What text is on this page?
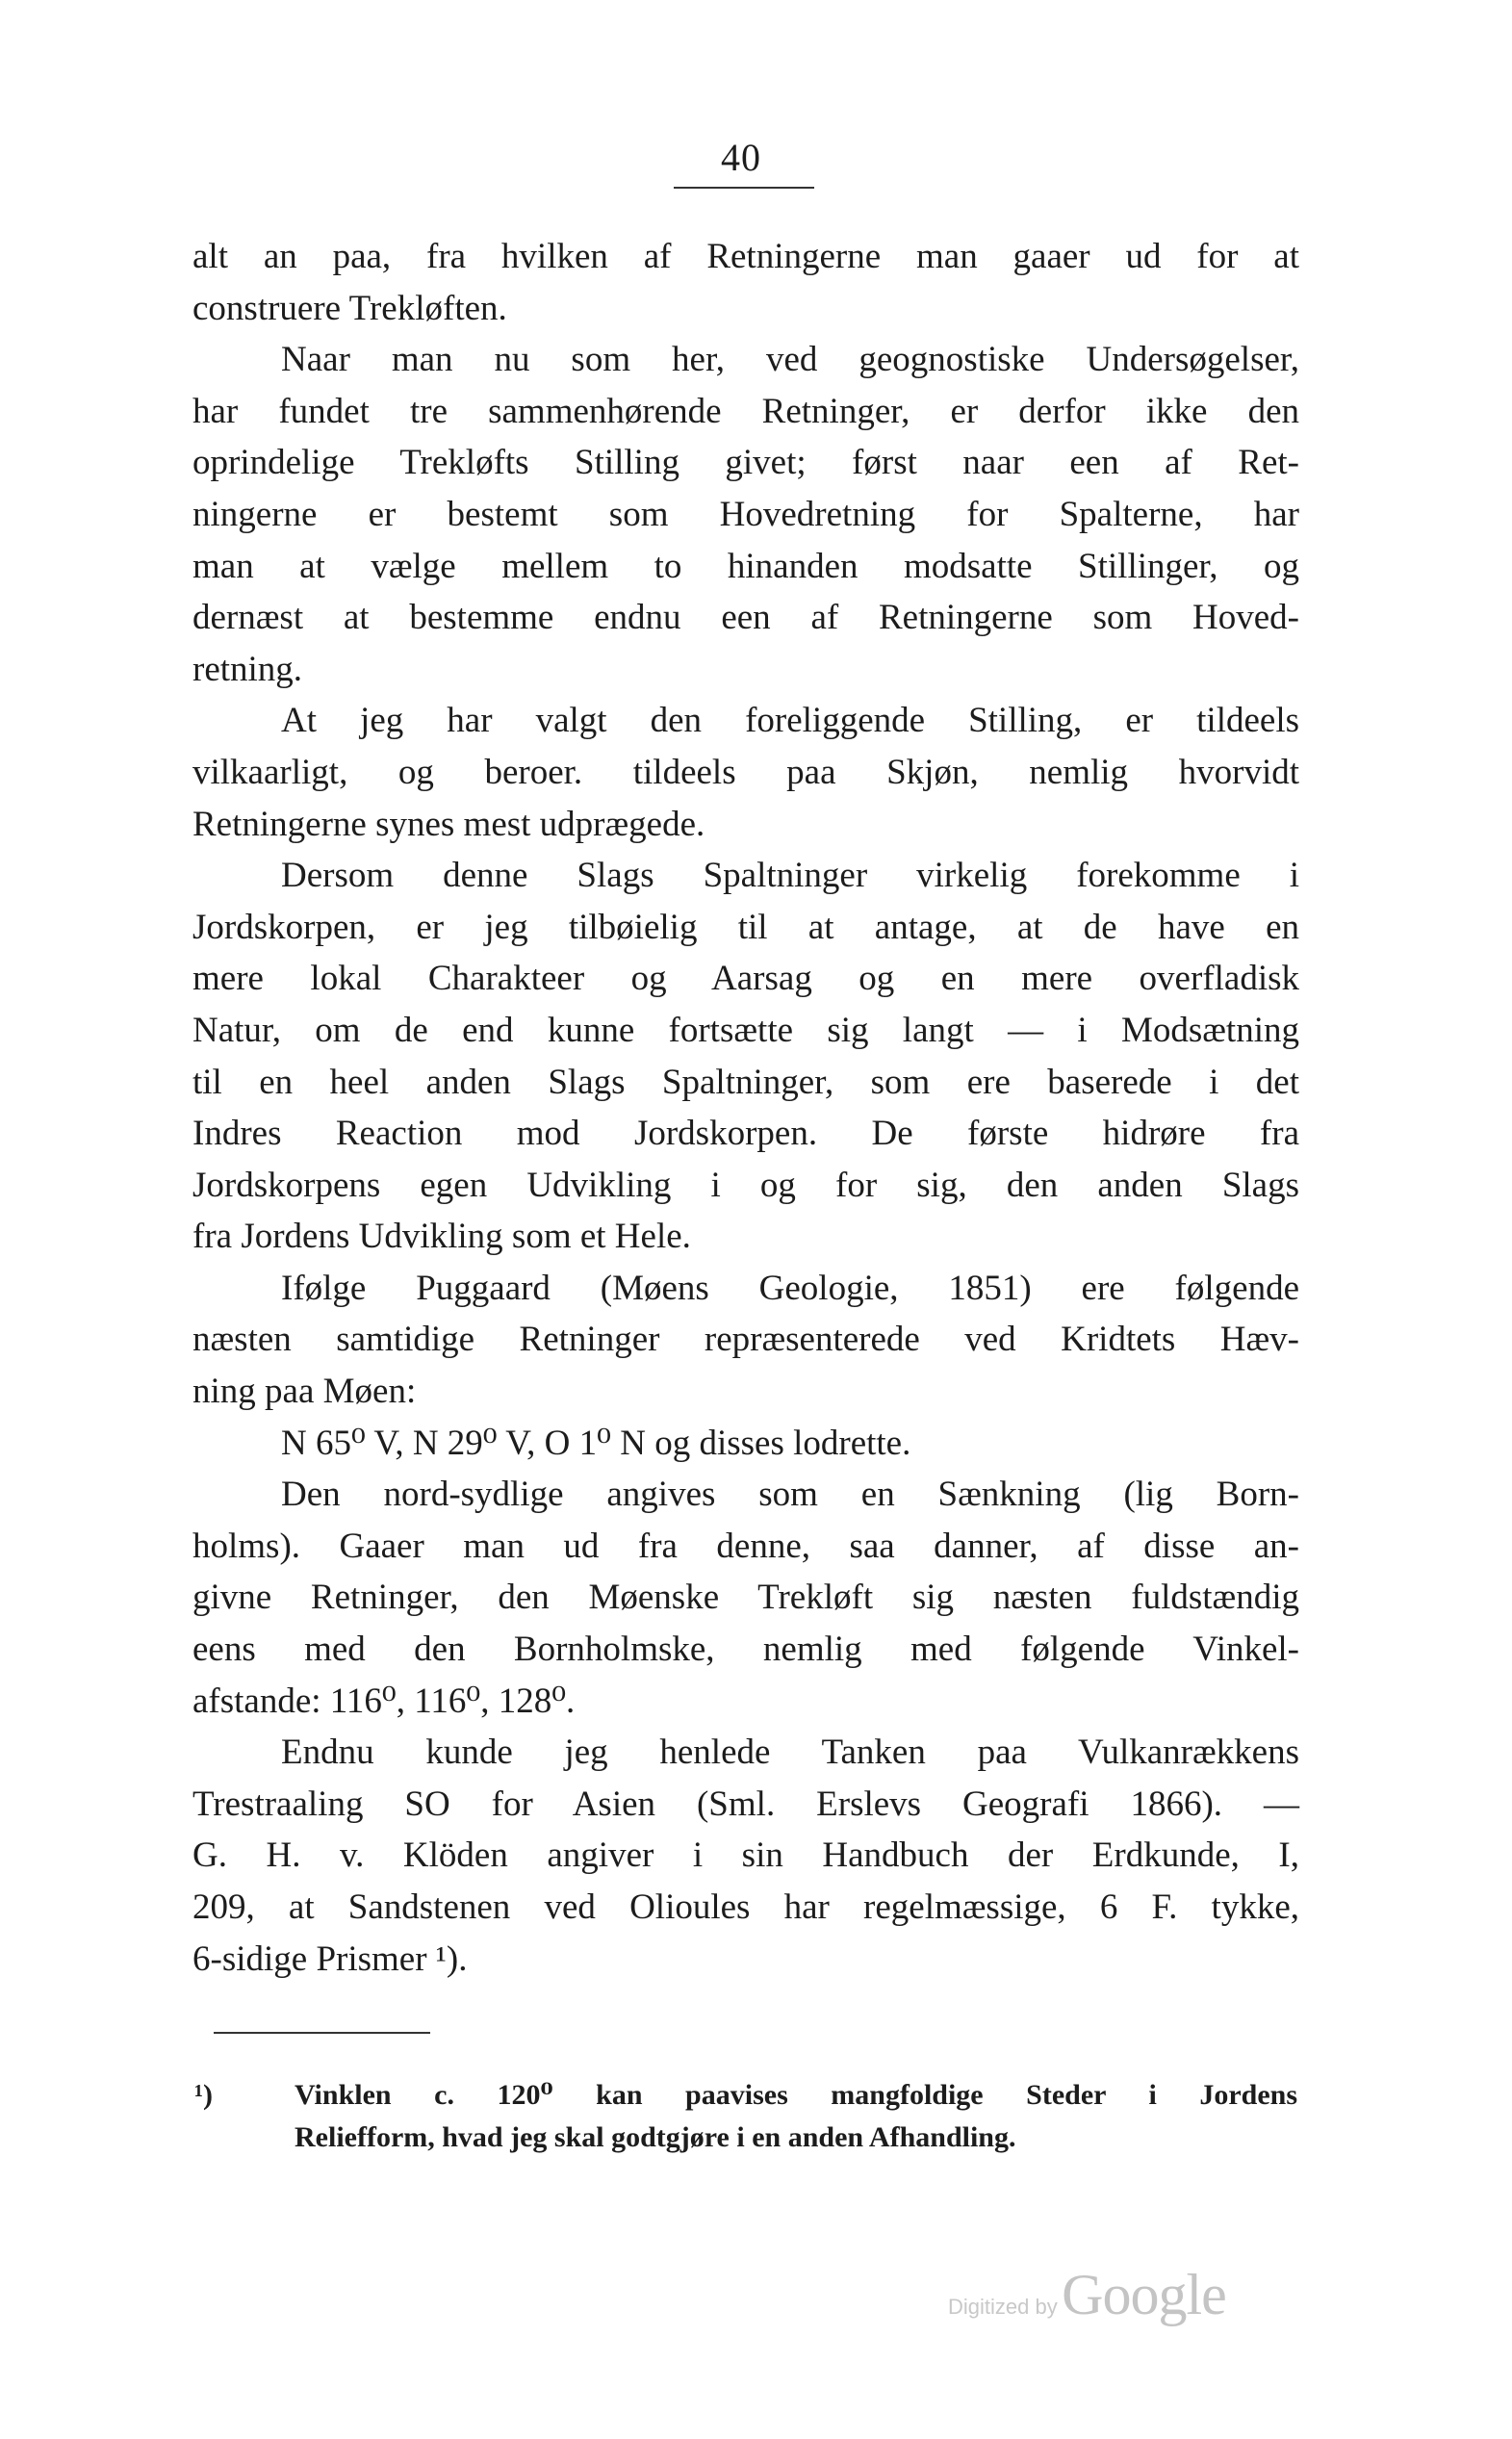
40
alt an paa, fra hvilken af Retningerne man gaaer ud for at
construere Trekløften.
Naar man nu som her, ved geognostiske Undersøgelser,
har fundet tre sammenhørende Retninger, er derfor ikke den
oprindelige Trekløfts Stilling givet; først naar een af Ret-
ningerne er bestemt som Hovedretning for Spalterne, har
man at vælge mellem to hinanden modsatte Stillinger, og
dernæst at bestemme endnu een af Retningerne som Hoved-
retning.
At jeg har valgt den foreliggende Stilling, er tildeels
vilkaarligt, og beroer. tildeels paa Skjøn, nemlig hvorvidt
Retningerne synes mest udprægede.
Dersom denne Slags Spaltninger virkelig forekomme i
Jordskorpen, er jeg tilbøielig til at antage, at de have en
mere lokal Charakteer og Aarsag og en mere overfladisk
Natur, om de end kunne fortsætte sig langt — i Modsætning
til en heel anden Slags Spaltninger, som ere baserede i det
Indres Reaction mod Jordskorpen. De første hidrøre fra
Jordskorpens egen Udvikling i og for sig, den anden Slags
fra Jordens Udvikling som et Hele.
Ifølge Puggaard (Møens Geologie, 1851) ere følgende
næsten samtidige Retninger repræsenterede ved Kridtets Hæv-
ning paa Møen:
N 65⁰ V, N 29⁰ V, O 1⁰ N og disses lodrette.
Den nord-sydlige angives som en Sænkning (lig Born-
holms). Gaaer man ud fra denne, saa danner, af disse an-
givne Retninger, den Møenske Trekløft sig næsten fuldstændig
eens med den Bornholmske, nemlig med følgende Vinkel-
afstande: 116⁰, 116⁰, 128⁰.
Endnu kunde jeg henlede Tanken paa Vulkanrækkens
Trestraaling SO for Asien (Sml. Erslevs Geografi 1866). —
G. H. v. Klöden angiver i sin Handbuch der Erdkunde, I,
209, at Sandstenen ved Olioules har regelmæssige, 6 F. tykke,
6-sidige Prismer ¹).
¹)	Vinklen c. 120⁰ kan paavises mangfoldige Steder i Jordens
Reliefform, hvad jeg skal godtgjøre i en anden Afhandling.
Digitized by Google
